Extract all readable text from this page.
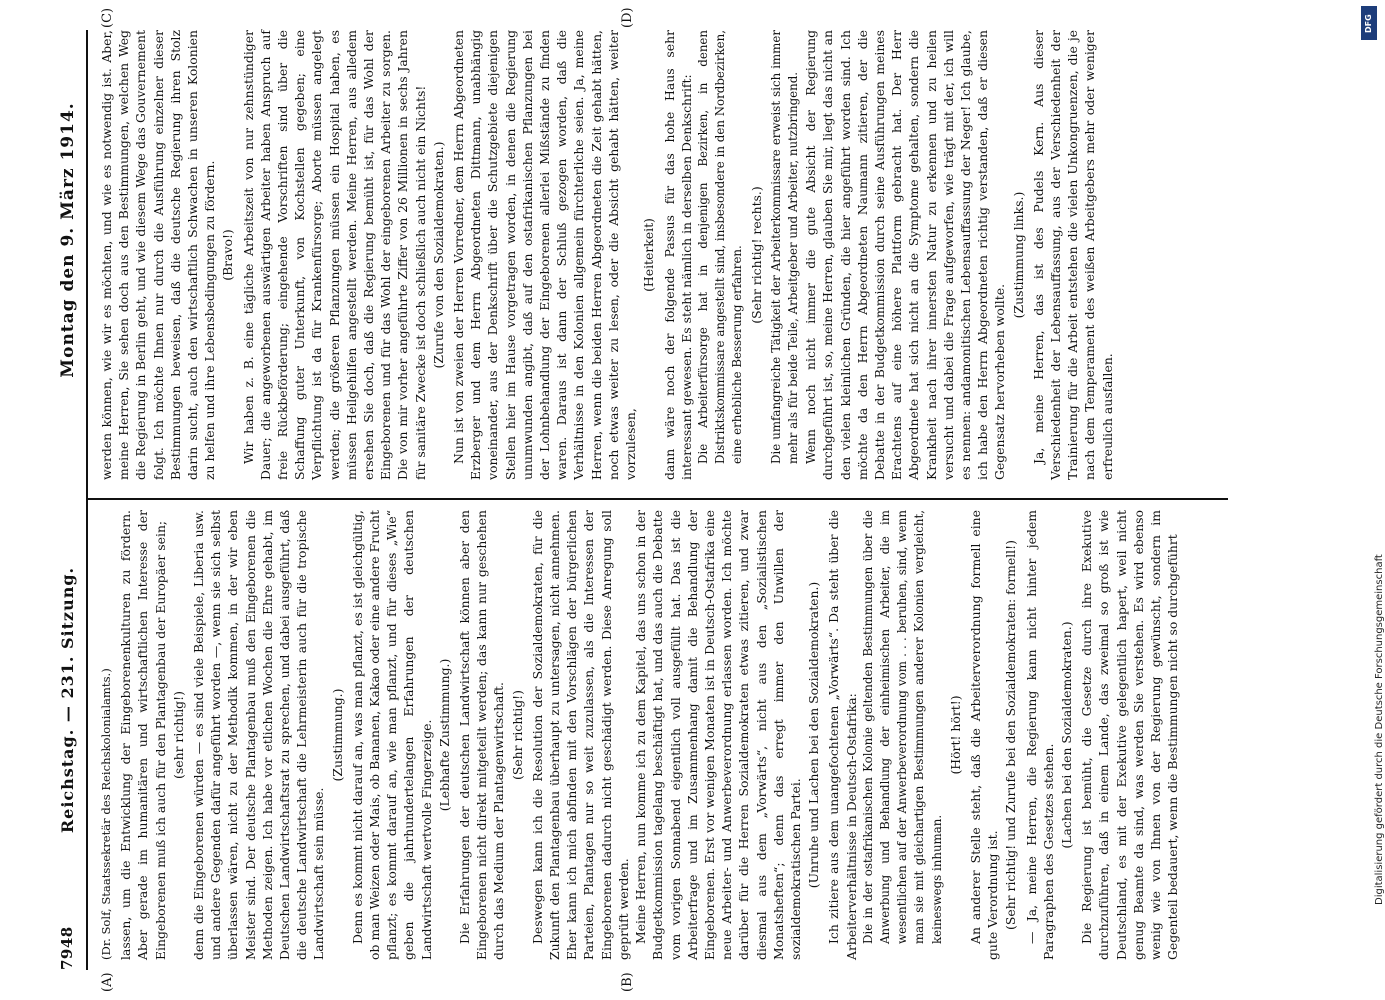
7948
Reichstag. — 231. Sitzung.
Montag den 9. März 1914.
(A)	(B)
(C)	(D)

(Dr. Solf, Staatssekretär des Reichskolonialamts.) lassen, um die Entwicklung der Eingeborenenkulturen zu fördern. Aber gerade im humanitären und wirtschaftlichen Interesse der Eingeborenen muß ich auch für den Plantagenbau der Europäer sein; (sehr richtig!) denn die Eingeborenen würden — es sind viele Beispiele, Liberia usw. und andere Gegenden dafür angeführt worden —, wenn sie sich selbst überlassen wären, nicht zu der Methodik kommen, in der wir eben Meister sind. Der deutsche Plantagenbau muß den Eingeborenen die Methoden zeigen. Ich habe vor etlichen Wochen die Ehre gehabt, im Deutschen Landwirtschaftsrat zu sprechen, und dabei ausgeführt, daß die deutsche Landwirtschaft die Lehrmeisterin auch für die tropische Landwirtschaft sein müsse.

(Zustimmung.) Denn es kommt nicht darauf an, was man pflanzt, es ist gleichgültig, ob man Weizen oder Mais, ob Bananen, Kakao oder eine andere Frucht pflanzt; es kommt darauf an, wie man pflanzt, und für dieses „Wie“ geben die jahrhundertelangen Erfahrungen der deutschen Landwirtschaft wertvolle Fingerzeige. (Lebhafte Zustimmung.) Die Erfahrungen der deutschen Landwirtschaft können aber den Eingeborenen nicht direkt mitgeteilt werden; das kann nur geschehen durch das Medium der Plantagenwirtschaft. (Sehr richtig!) Deswegen kann ich die Resolution der Sozialdemokraten, für die Zukunft den Plantagenbau überhaupt zu untersagen, nicht annehmen. Eher kann ich mich abfinden mit den Vorschlägen der bürgerlichen Parteien, Plantagen nur so weit zuzulassen, als die Interessen der Eingeborenen dadurch nicht geschädigt werden. Diese Anregung soll geprüft werden. Meine Herren, nun komme ich zu dem Kapitel, das uns schon in der Budgetkommission tagelang beschäftigt hat, und das auch die Debatte vom vorigen Sonnabend eigentlich voll ausgefüllt hat. Das ist die Arbeiterfrage und im Zusammenhang damit die Behandlung der Eingeborenen. Erst vor wenigen Monaten ist in Deutsch-Ostafrika eine neue Arbeiter- und Anwerbeverordnung erlassen worden. Ich möchte darüber für die Herren Sozialdemokraten etwas zitieren, und zwar diesmal aus dem „Vorwärts“, nicht aus den „Sozialistischen Monatsheften“; denn das erregt immer den Unwillen der sozialdemokratischen Partei. (Unruhe und Lachen bei den Sozialdemokraten.) Ich zitiere aus dem unangefochtenen „Vorwärts“. Da steht über die Arbeiterverhältnisse in Deutsch-Ostafrika: Die in der ostafrikanischen Kolonie geltenden Bestimmungen über die Anwerbung und Behandlung der einheimischen Arbeiter, die im wesentlichen auf der Anwerbeverordnung vom . . . beruhen, sind, wenn man sie mit gleichartigen Bestimmungen anderer Kolonien vergleicht, keineswegs inhuman.

(Hört! hört!) An anderer Stelle steht, daß die Arbeiterverordnung formell eine gute Verordnung ist. (Sehr richtig! und Zurufe bei den Sozialdemokraten: formell!) — Ja, meine Herren, die Regierung kann nicht hinter jedem Paragraphen des Gesetzes stehen.

(Lachen bei den Sozialdemokraten.) Die Regierung ist bemüht, die Gesetze durch ihre Exekutive durchzuführen, daß in einem Lande, das zweimal so groß ist wie Deutschland, es mit der Exekutive gelegentlich hapert, weil nicht genug Beamte da sind, was werden Sie verstehen. Es wird ebenso wenig wie von Ihnen von der Regierung gewünscht, sondern im Gegenteil bedauert, wenn die Bestimmungen nicht so durchgeführt

werden können, wie wir es möchten, und wie es notwendig ist. Aber, meine Herren, Sie sehen doch aus den Bestimmungen, welchen Weg die Regierung in Berlin geht, und wie diesem Wege das Gouvernement folgt. Ich möchte Ihnen nur durch die Ausführung einzelner dieser Bestimmungen beweisen, daß die deutsche Regierung ihren Stolz darin sucht, auch den wirtschaftlich Schwachen in unseren Kolonien zu helfen und ihre Lebensbedingungen zu fördern. (Bravo!) Wir haben z. B. eine tägliche Arbeitszeit von nur zehnstündiger Dauer; die angeworbenen auswärtigen Arbeiter haben Anspruch auf freie Rückbeförderung; eingehende Vorschriften sind über die Schaffung guter Unterkunft, von Kochstellen gegeben; eine Verpflichtung ist da für Krankenfürsorge; Aborte müssen angelegt werden; die größeren Pflanzungen müssen ein Hospital haben, es müssen Heilgehilfen angestellt werden. Meine Herren, aus alledem ersehen Sie doch, daß die Regierung bemüht ist, für das Wohl der Eingeborenen und für das Wohl der eingeborenen Arbeiter zu sorgen. Die von mir vorher angeführte Ziffer von 26 Millionen in sechs Jahren für sanitäre Zwecke ist doch schließlich auch nicht ein Nichts! (Zurufe von den Sozialdemokraten.) Nun ist von zweien der Herren Vorredner, dem Herrn Abgeordneten Erzberger und dem Herrn Abgeordneten Dittmann, unabhängig voneinander, aus der Denkschrift über die Schutzgebiete diejenigen Stellen hier im Hause vorgetragen worden, in denen die Regierung unumwunden angibt, daß auf den ostafrikanischen Pflanzungen bei der Lohnbehandlung der Eingeborenen allerlei Mißstände zu finden waren. Daraus ist dann der Schluß gezogen worden, daß die Verhältnisse in den Kolonien allgemein fürchterliche seien. Ja, meine Herren, wenn die beiden Herren Abgeordneten die Zeit gehabt hätten, noch etwas weiter zu lesen, oder die Absicht gehabt hätten, weiter vorzulesen,

(Heiterkeit) dann wäre noch der folgende Passus für das hohe Haus sehr interessant gewesen. Es steht nämlich in derselben Denkschrift: Die Arbeiterfürsorge hat in denjenigen Bezirken, in denen Distriktskommissare angestellt sind, insbesondere in den Nordbezirken, eine erhebliche Besserung erfahren. (Sehr richtig! rechts.) Die umfangreiche Tätigkeit der Arbeiterkommissare erweist sich immer mehr als für beide Teile, Arbeitgeber und Arbeiter, nutzbringend. Wenn noch nicht immer die gute Absicht der Regierung durchgeführt ist, so, meine Herren, glauben Sie mir, liegt das nicht an den vielen kleinlichen Gründen, die hier angeführt worden sind. Ich möchte da den Herrn Abgeordneten Naumann zitieren, der die Debatte in der Budgetkommission durch seine Ausführungen meines Erachtens auf eine höhere Plattform gebracht hat. Der Herr Abgeordnete hat sich nicht an die Symptome gehalten, sondern die Krankheit nach ihrer innersten Natur zu erkennen und zu heilen versucht und dabei die Frage aufgeworfen, wie trägt mit der, ich will es nennen: andamonitischen Lebensauffassung der Neger! Ich glaube, ich habe den Herrn Abgeordneten richtig verstanden, daß er diesen Gegensatz hervorheben wollte.

(Zustimmung links.) Ja, meine Herren, das ist des Pudels Kern. Aus dieser Verschiedenheit der Lebensauffassung, aus der Verschiedenheit der Trainierung für die Arbeit entstehen die vielen Unkongruenzen, die je nach dem Temperament des weißen Arbeitgebers mehr oder weniger erfreulich ausfallen.

DFG
Digitalisierung gefördert durch die Deutsche Forschungsgemeinschaft
